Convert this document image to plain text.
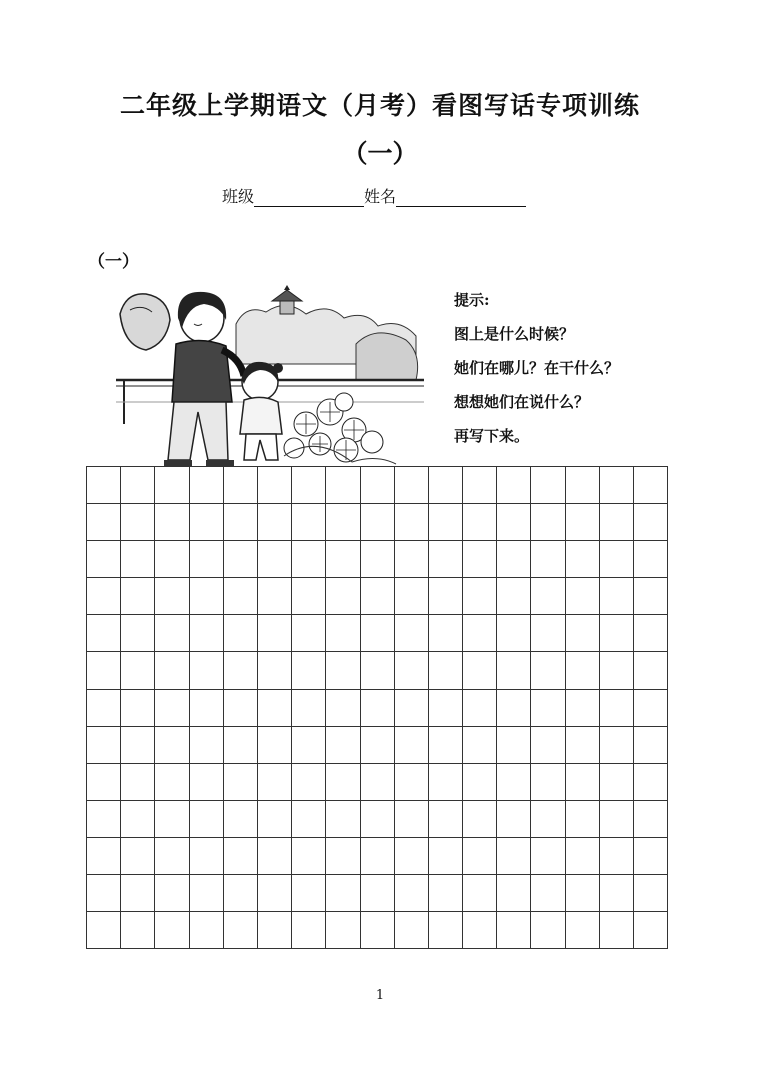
二年级上学期语文（月考）看图写话专项训练
（一）
班级	姓名
（一）
提示:
图上是什么时候？
她们在哪儿？在干什么？
想想她们在说什么？
再写下来。

1
